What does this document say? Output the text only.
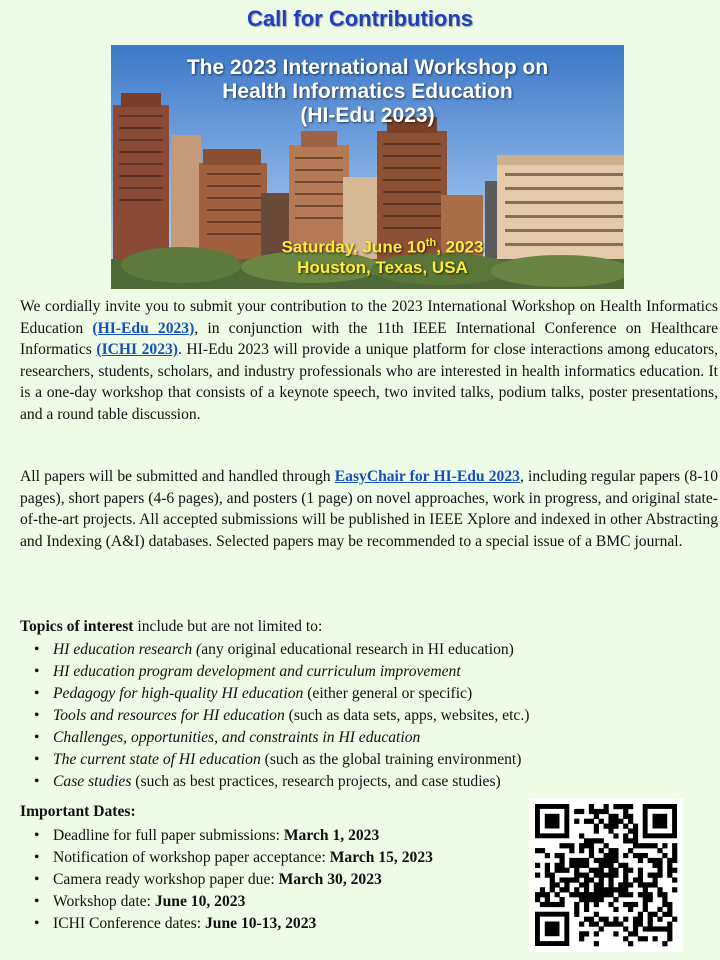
Call for Contributions
The 2023 International Workshop on
Health Informatics Education
(HI-Edu 2023)
Saturday, June 10th, 2023
Houston, Texas, USA
We cordially invite you to submit your contribution to the 2023 International Workshop on Health Informatics Education (HI-Edu 2023), in conjunction with the 11th IEEE International Conference on Healthcare Informatics (ICHI 2023). HI-Edu 2023 will provide a unique platform for close interactions among educators, researchers, students, scholars, and industry professionals who are interested in health informatics education. It is a one-day workshop that consists of a keynote speech, two invited talks, podium talks, poster presentations, and a round table discussion.
All papers will be submitted and handled through EasyChair for HI-Edu 2023, including regular papers (8-10 pages), short papers (4-6 pages), and posters (1 page) on novel approaches, work in progress, and original state-of-the-art projects. All accepted submissions will be published in IEEE Xplore and indexed in other Abstracting and Indexing (A&I) databases. Selected papers may be recommended to a special issue of a BMC journal.
Topics of interest include but are not limited to:
• HI education research (any original educational research in HI education)
• HI education program development and curriculum improvement
• Pedagogy for high-quality HI education (either general or specific)
• Tools and resources for HI education (such as data sets, apps, websites, etc.)
• Challenges, opportunities, and constraints in HI education
• The current state of HI education (such as the global training environment)
• Case studies (such as best practices, research projects, and case studies)
Important Dates:
• Deadline for full paper submissions: March 1, 2023
• Notification of workshop paper acceptance: March 15, 2023
• Camera ready workshop paper due: March 30, 2023
• Workshop date: June 10, 2023
• ICHI Conference dates: June 10-13, 2023
